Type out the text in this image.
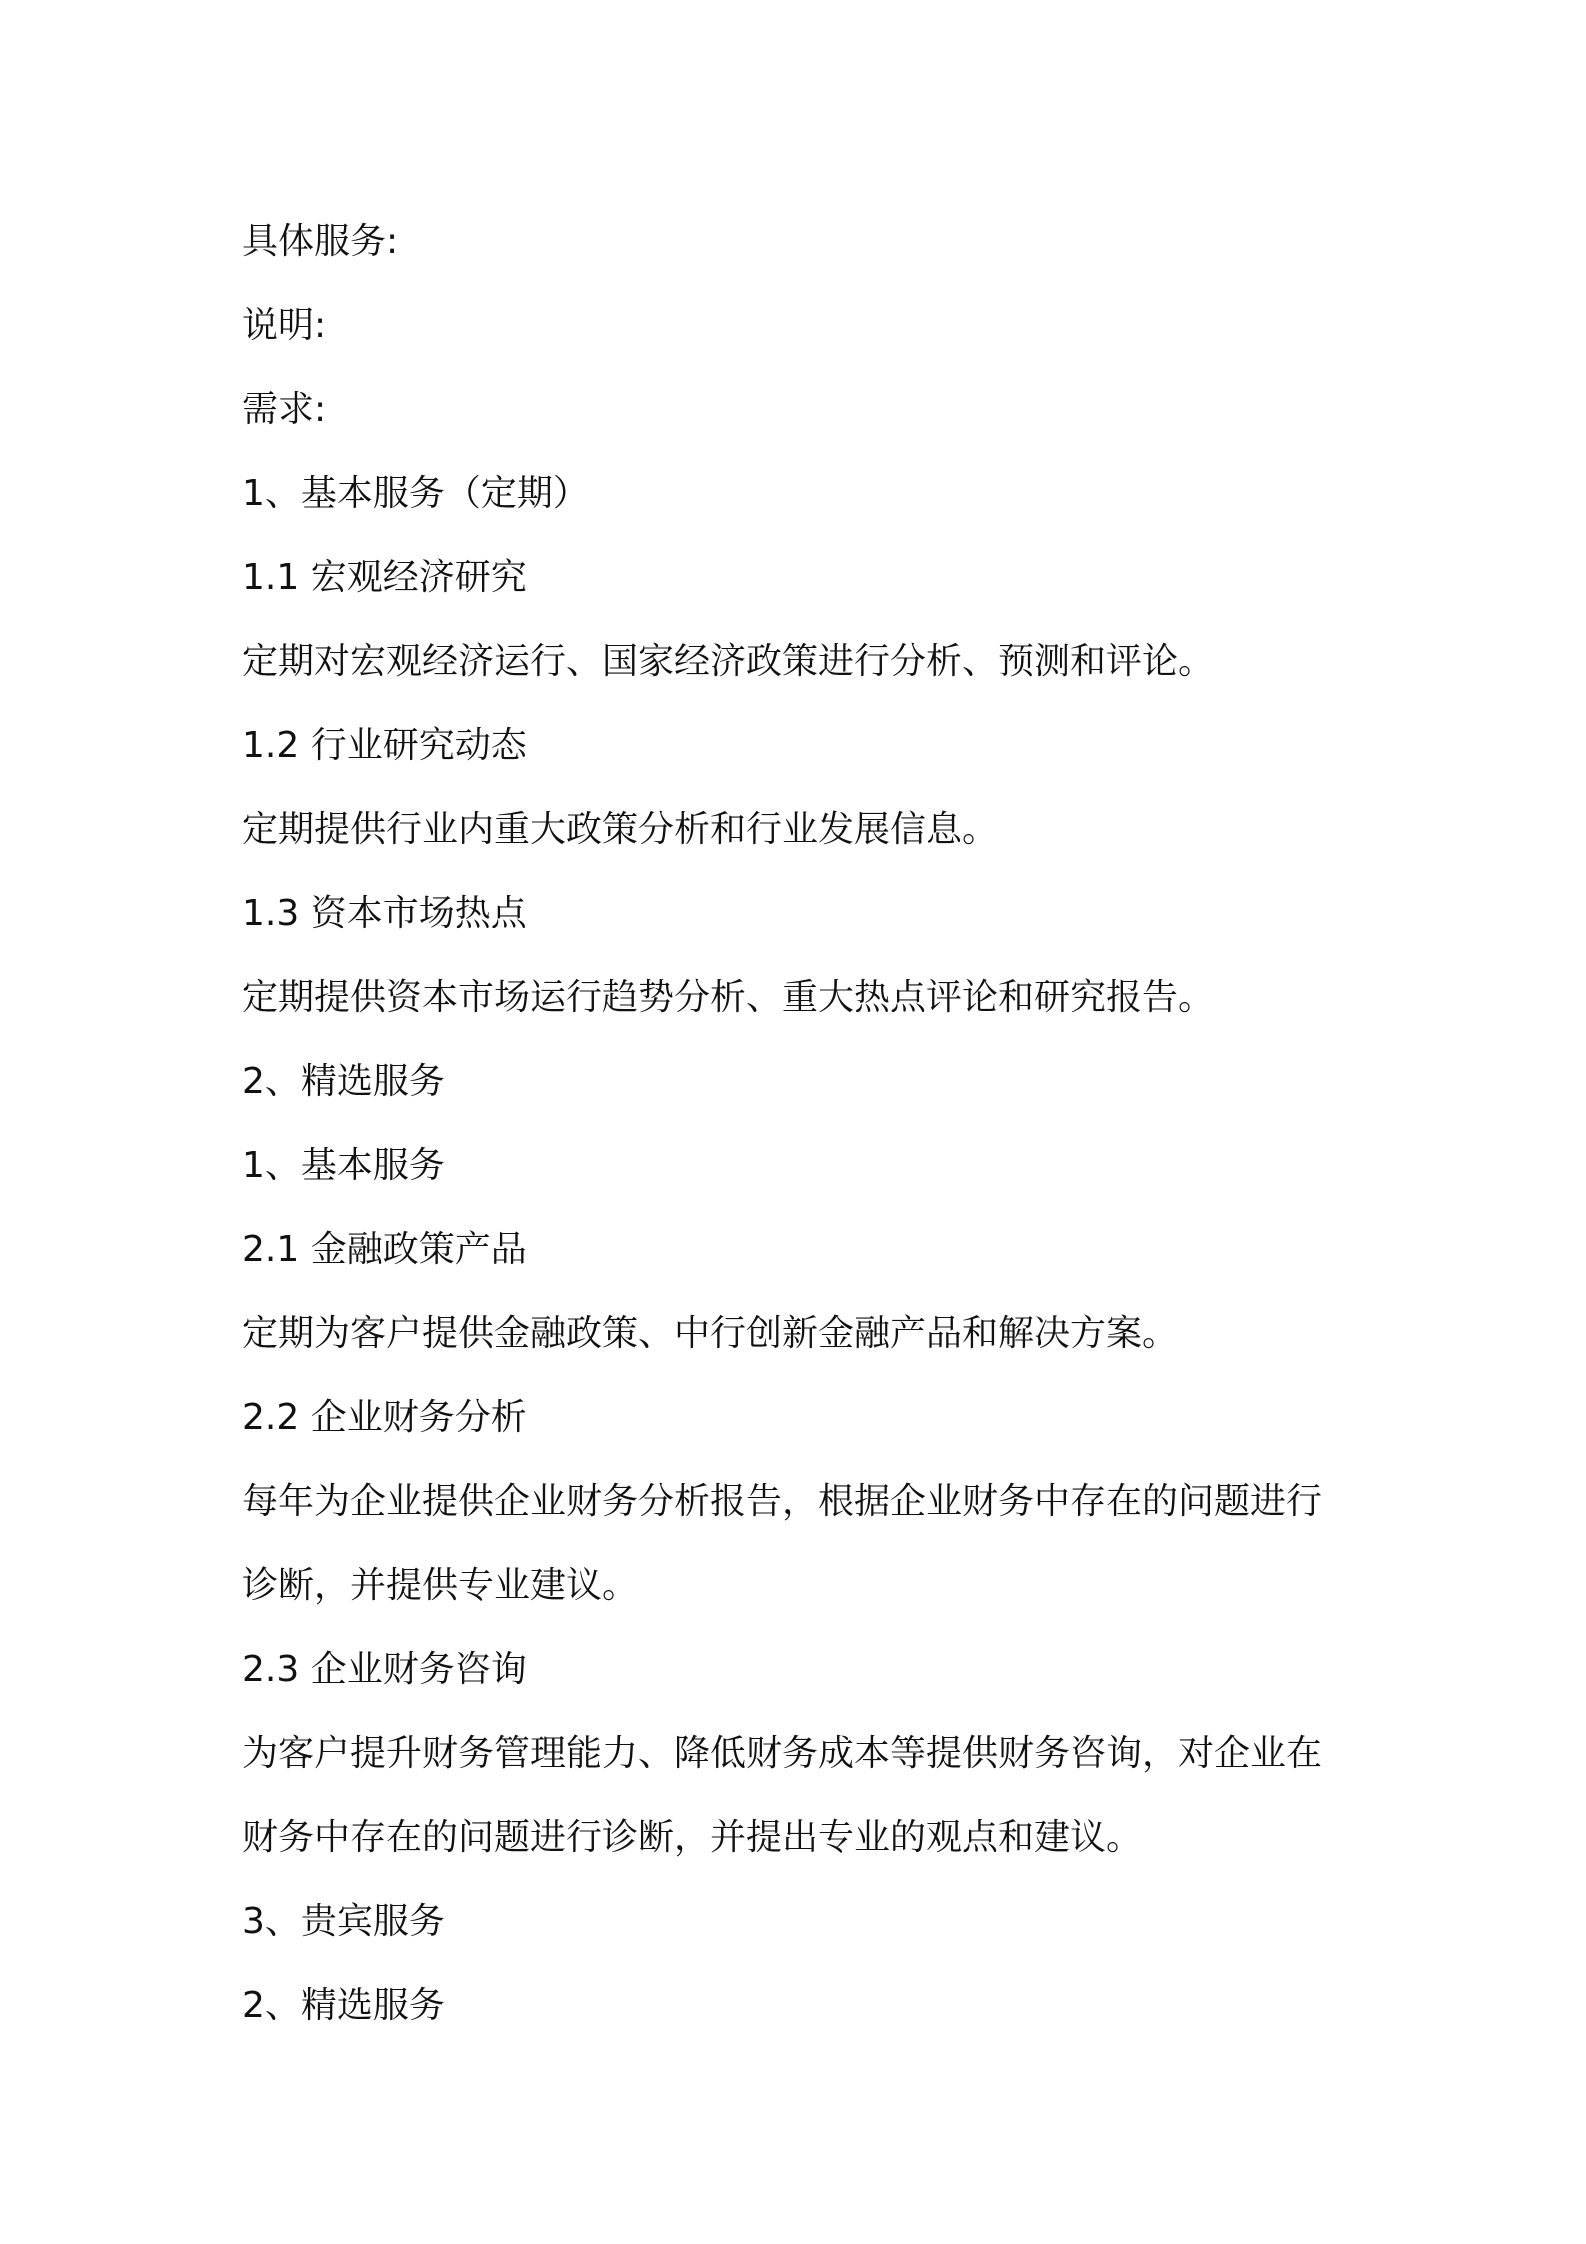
具体服务:

说明:

需求:

1、基本服务（定期）

1.1 宏观经济研究

定期对宏观经济运行、国家经济政策进行分析、预测和评论。

1.2 行业研究动态

定期提供行业内重大政策分析和行业发展信息。

1.3 资本市场热点

定期提供资本市场运行趋势分析、重大热点评论和研究报告。

2、精选服务

1、基本服务

2.1 金融政策产品

定期为客户提供金融政策、中行创新金融产品和解决方案。

2.2 企业财务分析

每年为企业提供企业财务分析报告，根据企业财务中存在的问题进行

诊断，并提供专业建议。

2.3 企业财务咨询

为客户提升财务管理能力、降低财务成本等提供财务咨询，对企业在

财务中存在的问题进行诊断，并提出专业的观点和建议。

3、贵宾服务

2、精选服务
